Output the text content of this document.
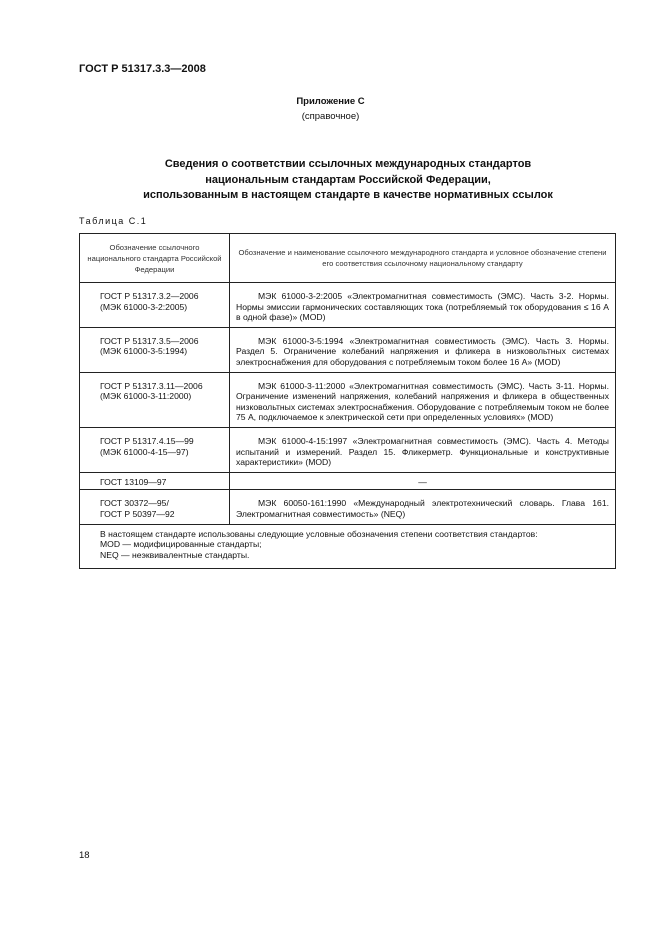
ГОСТ Р 51317.3.3—2008
Приложение С
(справочное)
Сведения о соответствии ссылочных международных стандартов
национальным стандартам Российской Федерации,
использованным в настоящем стандарте в качестве нормативных ссылок
Таблица С.1
Обозначение ссылочного национального стандарта Российской Федерации	Обозначение и наименование ссылочного международного стандарта и условное обозначение степени его соответствия ссылочному национальному стандарту

ГОСТ Р 51317.3.2—2006
(МЭК 61000-3-2:2005)	МЭК 61000-3-2:2005 «Электромагнитная совместимость (ЭМС). Часть 3-2. Нормы. Нормы эмиссии гармонических составляющих тока (потребляемый ток оборудования ≤ 16 А в одной фазе)» (MOD)

ГОСТ Р 51317.3.5—2006
(МЭК 61000-3-5:1994)	МЭК 61000-3-5:1994 «Электромагнитная совместимость (ЭМС). Часть 3. Нормы. Раздел 5. Ограничение колебаний напряжения и фликера в низковольтных системах электроснабжения для оборудования с потребляемым током более 16 А» (MOD)

ГОСТ Р 51317.3.11—2006
(МЭК 61000-3-11:2000)	МЭК 61000-3-11:2000 «Электромагнитная совместимость (ЭМС). Часть 3-11. Нормы. Ограничение изменений напряжения, колебаний напряжения и фликера в общественных низковольтных системах электроснабжения. Оборудование с потребляемым током не более 75 А, подключаемое к электрической сети при определенных условиях» (MOD)

ГОСТ Р 51317.4.15—99
(МЭК 61000-4-15—97)	МЭК 61000-4-15:1997 «Электромагнитная совместимость (ЭМС). Часть 4. Методы испытаний и измерений. Раздел 15. Фликерметр. Функциональные и конструктивные характеристики» (MOD)

ГОСТ 13109—97	—

ГОСТ 30372—95/
ГОСТ Р 50397—92	МЭК 60050-161:1990 «Международный электротехнический словарь. Глава 161. Электромагнитная совместимость» (NEQ)

В настоящем стандарте использованы следующие условные обозначения степени соответствия стандартов:
MOD — модифицированные стандарты;
NEQ — неэквивалентные стандарты.	
18
